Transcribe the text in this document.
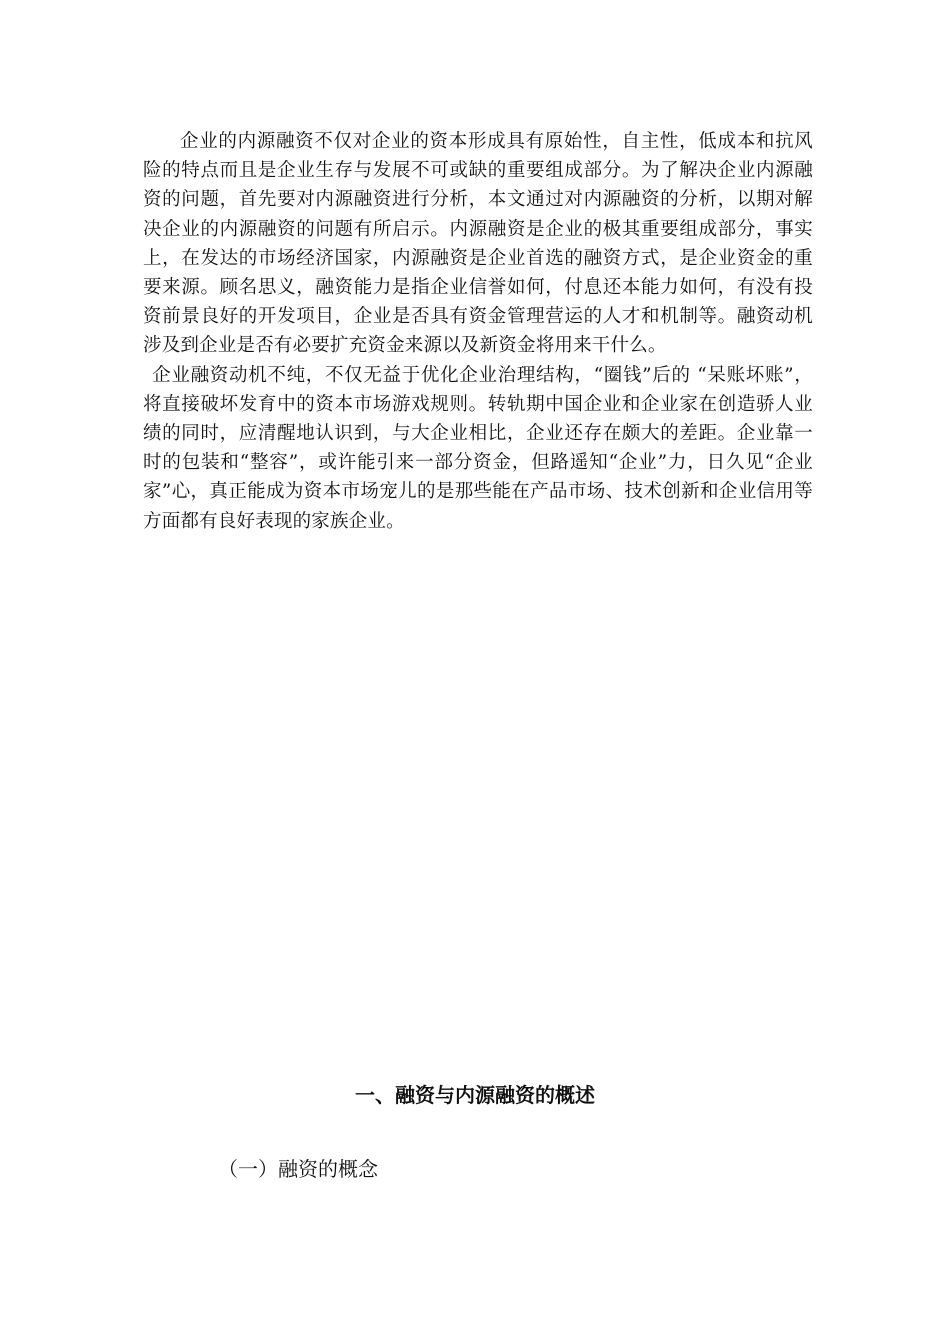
企业的内源融资不仅对企业的资本形成具有原始性，自主性，低成本和抗风险的特点而且是企业生存与发展不可或缺的重要组成部分。为了解决企业内源融资的问题，首先要对内源融资进行分析，本文通过对内源融资的分析，以期对解决企业的内源融资的问题有所启示。内源融资是企业的极其重要组成部分，事实上，在发达的市场经济国家，内源融资是企业首选的融资方式，是企业资金的重要来源。顾名思义，融资能力是指企业信誉如何，付息还本能力如何，有没有投资前景良好的开发项目，企业是否具有资金管理营运的人才和机制等。融资动机涉及到企业是否有必要扩充资金来源以及新资金将用来干什么。

企业融资动机不纯，不仅无益于优化企业治理结构，“圈钱”后的 “呆账坏账”，将直接破坏发育中的资本市场游戏规则。转轨期中国企业和企业家在创造骄人业绩的同时，应清醒地认识到，与大企业相比，企业还存在颇大的差距。企业靠一时的包装和“整容”，或许能引来一部分资金，但路遥知“企业”力，日久见“企业家”心，真正能成为资本市场宠儿的是那些能在产品市场、技术创新和企业信用等方面都有良好表现的家族企业。

一、融资与内源融资的概述
（一）融资的概念
